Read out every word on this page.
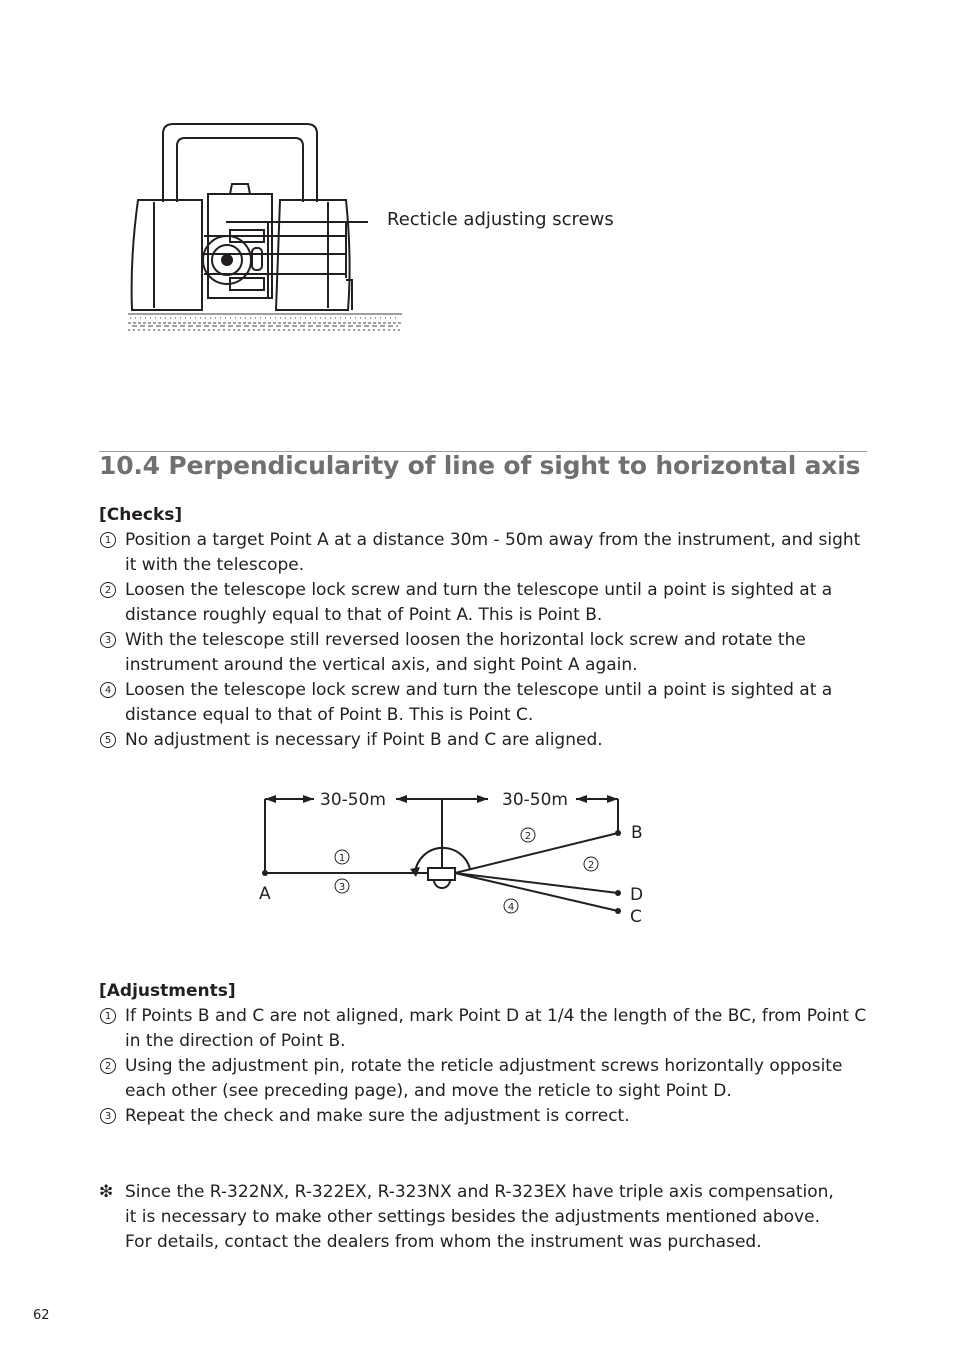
Recticle adjusting screws
10.4 Perpendicularity of line of sight to horizontal axis
[Checks]
1 Position a target Point A at a distance 30m - 50m away from the instrument, and sight it with the telescope.
2 Loosen the telescope lock screw and turn the telescope until a point is sighted at a distance roughly equal to that of Point A. This is Point B.
3 With the telescope still reversed loosen the horizontal lock screw and rotate the instrument around the vertical axis, and sight Point A again.
4 Loosen the telescope lock screw and turn the telescope until a point is sighted at a distance equal to that of Point B. This is Point C.
5 No adjustment is necessary if Point B and C are aligned.
1
3
2
2
4
30-50m	30-50m
A
B
D
C
[Adjustments]
1 If Points B and C are not aligned, mark Point D at 1/4 the length of the BC, from Point C in the direction of Point B.
2 Using the adjustment pin, rotate the reticle adjustment screws horizontally opposite each other (see preceding page), and move the reticle to sight Point D.
3 Repeat the check and make sure the adjustment is correct.
❇ Since the R-322NX, R-322EX, R-323NX and R-323EX have triple axis compensation,
it is necessary to make other settings besides the adjustments mentioned above.
For details, contact the dealers from whom the instrument was purchased.
62
